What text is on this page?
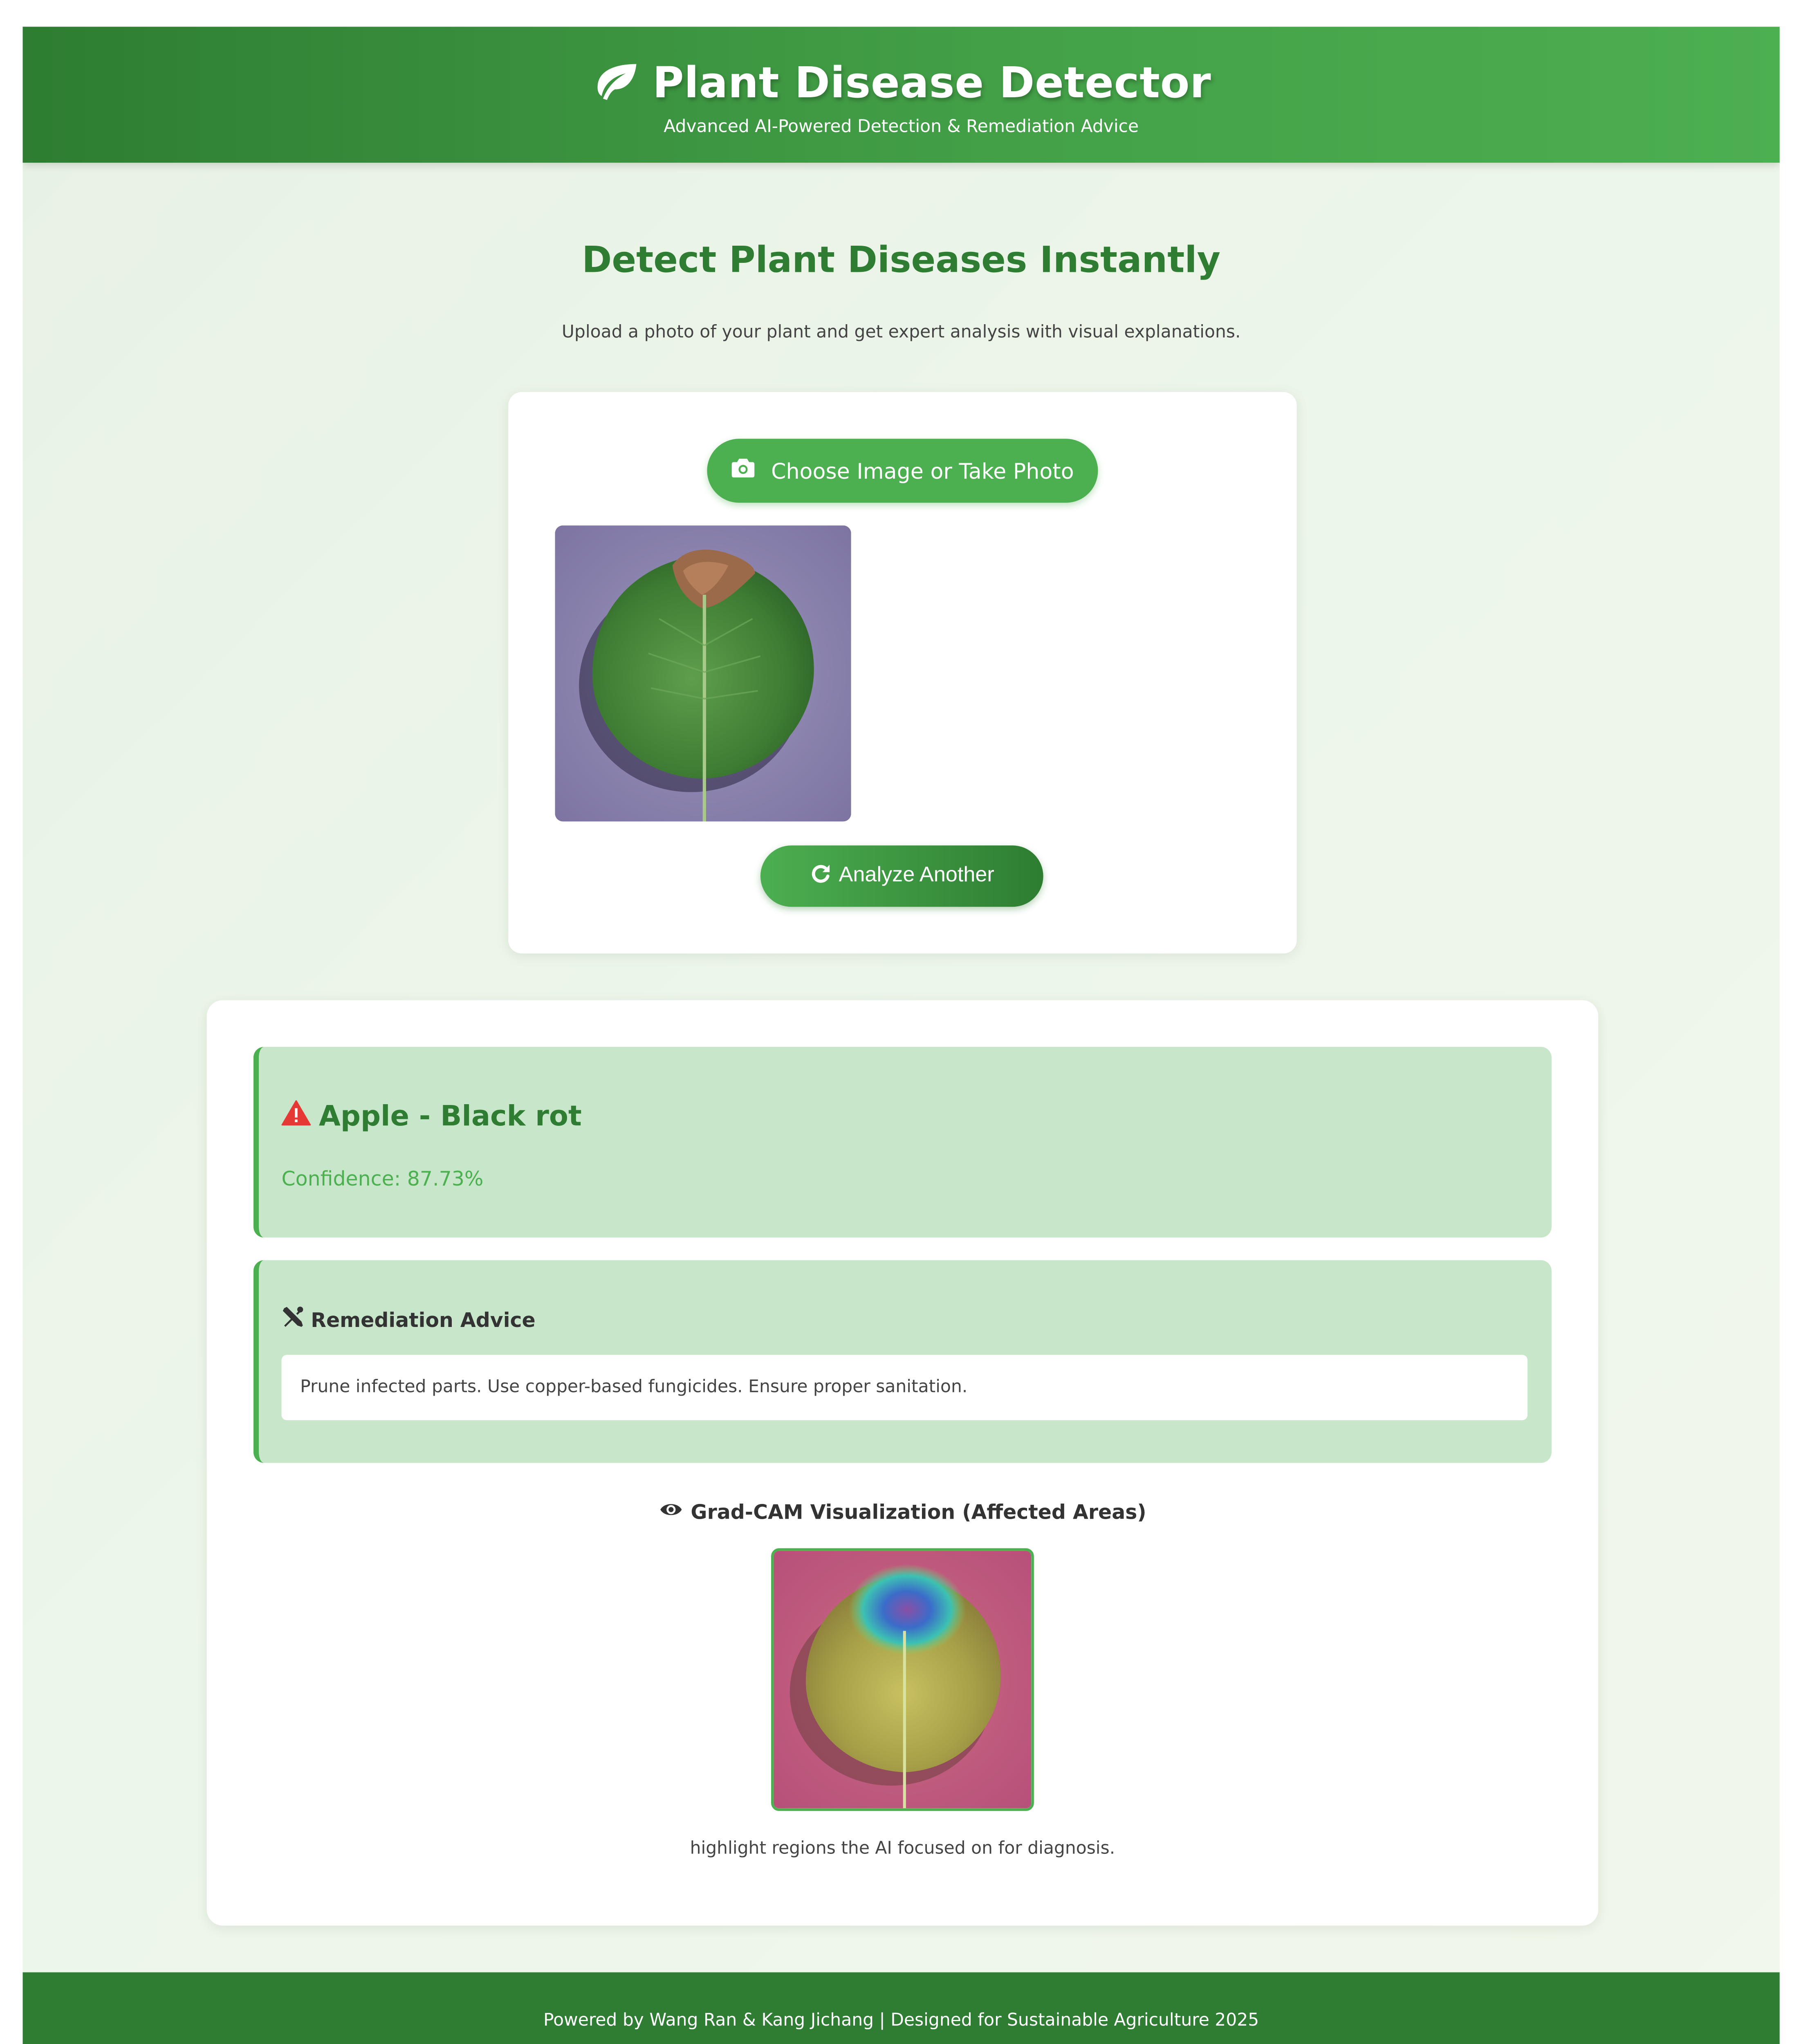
Plant Disease Detector
Advanced AI-Powered Detection & Remediation Advice
Detect Plant Diseases Instantly
Upload a photo of your plant and get expert analysis with visual explanations.
Choose Image or Take Photo
Analyze Another
Apple - Black rot
Confidence: 87.73%
Remediation Advice
Prune infected parts. Use copper-based fungicides. Ensure proper sanitation.
Grad-CAM Visualization (Affected Areas)
highlight regions the AI focused on for diagnosis.
Powered by Wang Ran & Kang Jichang | Designed for Sustainable Agriculture 2025
